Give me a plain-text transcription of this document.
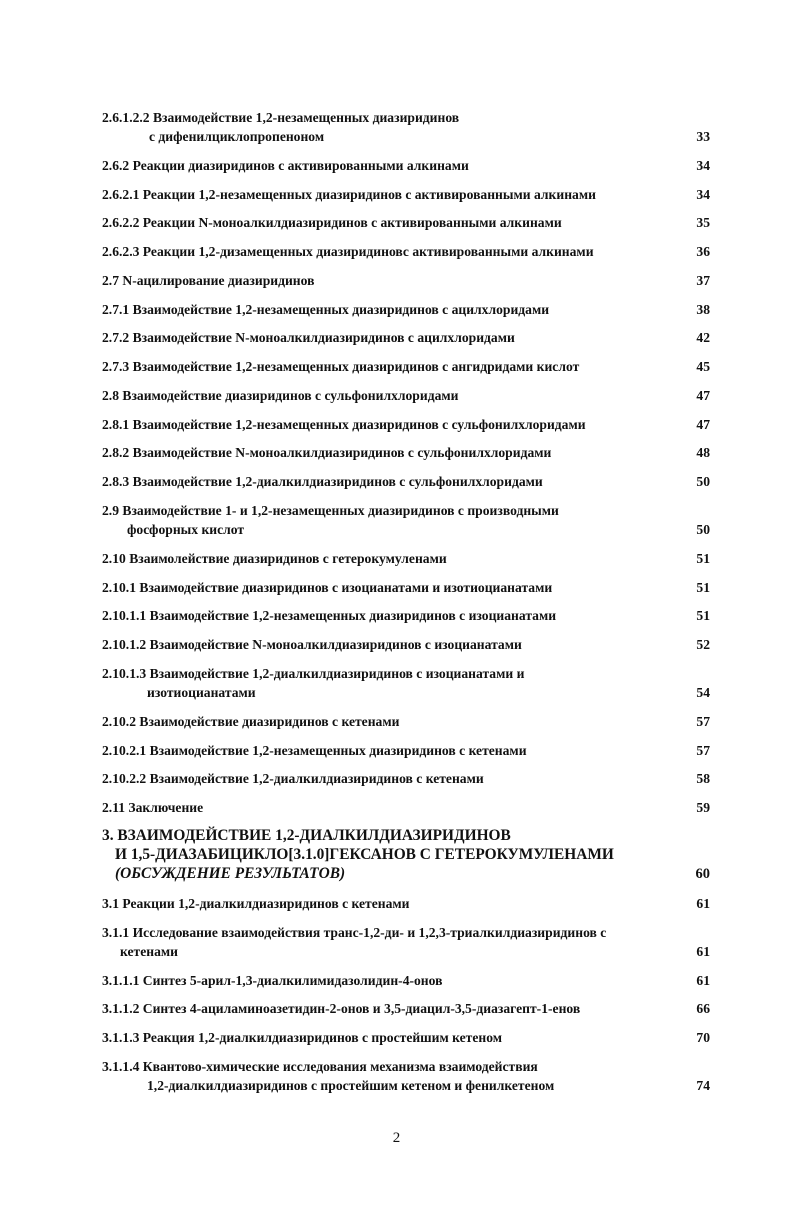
2.6.1.2.2 Взаимодействие 1,2-незамещенных диазиридинов
с дифенилциклопропеноном	33
2.6.2 Реакции диазиридинов с активированными алкинами	34
2.6.2.1 Реакции 1,2-незамещенных диазиридинов с активированными алкинами	34
2.6.2.2 Реакции N-моноалкилдиазиридинов с активированными алкинами	35
2.6.2.3 Реакции 1,2-дизамещенных диазиридиновс активированными алкинами	36
2.7 N-ацилирование диазиридинов	37
2.7.1 Взаимодействие 1,2-незамещенных диазиридинов с ацилхлоридами	38
2.7.2 Взаимодействие N-моноалкилдиазиридинов с ацилхлоридами	42
2.7.3 Взаимодействие 1,2-незамещенных диазиридинов с ангидридами кислот	45
2.8 Взаимодействие диазиридинов с сульфонилхлоридами	47
2.8.1 Взаимодействие 1,2-незамещенных диазиридинов с сульфонилхлоридами	47
2.8.2 Взаимодействие N-моноалкилдиазиридинов с сульфонилхлоридами	48
2.8.3 Взаимодействие 1,2-диалкилдиазиридинов с сульфонилхлоридами	50
2.9 Взаимодействие 1- и 1,2-незамещенных диазиридинов с производными
фосфорных кислот	50
2.10 Взаимолействие диазиридинов с гетерокумуленами	51
2.10.1 Взаимодействие диазиридинов с изоцианатами и изотиоцианатами	51
2.10.1.1 Взаимодействие 1,2-незамещенных диазиридинов с изоцианатами	51
2.10.1.2 Взаимодействие N-моноалкилдиазиридинов с изоцианатами	52
2.10.1.3 Взаимодействие 1,2-диалкилдиазиридинов с изоцианатами и
изотиоцианатами	54
2.10.2 Взаимодействие диазиридинов с кетенами	57
2.10.2.1 Взаимодействие 1,2-незамещенных диазиридинов с кетенами	57
2.10.2.2 Взаимодействие 1,2-диалкилдиазиридинов с кетенами	58
2.11 Заключение	59
3. ВЗАИМОДЕЙСТВИЕ 1,2-ДИАЛКИЛДИАЗИРИДИНОВ
И 1,5-ДИАЗАБИЦИКЛО[3.1.0]ГЕКСАНОВ С ГЕТЕРОКУМУЛЕНАМИ
(ОБСУЖДЕНИЕ РЕЗУЛЬТАТОВ)	60
3.1 Реакции 1,2-диалкилдиазиридинов с кетенами	61
3.1.1 Исследование взаимодействия транс-1,2-ди- и 1,2,3-триалкилдиазиридинов с
кетенами	61
3.1.1.1 Синтез 5-арил-1,3-диалкилимидазолидин-4-онов	61
3.1.1.2 Синтез 4-ациламиноазетидин-2-онов и 3,5-диацил-3,5-диазагепт-1-енов	66
3.1.1.3 Реакция 1,2-диалкилдиазиридинов с простейшим кетеном	70
3.1.1.4 Квантово-химические исследования механизма взаимодействия
1,2-диалкилдиазиридинов с простейшим кетеном и фенилкетеном	74
2
